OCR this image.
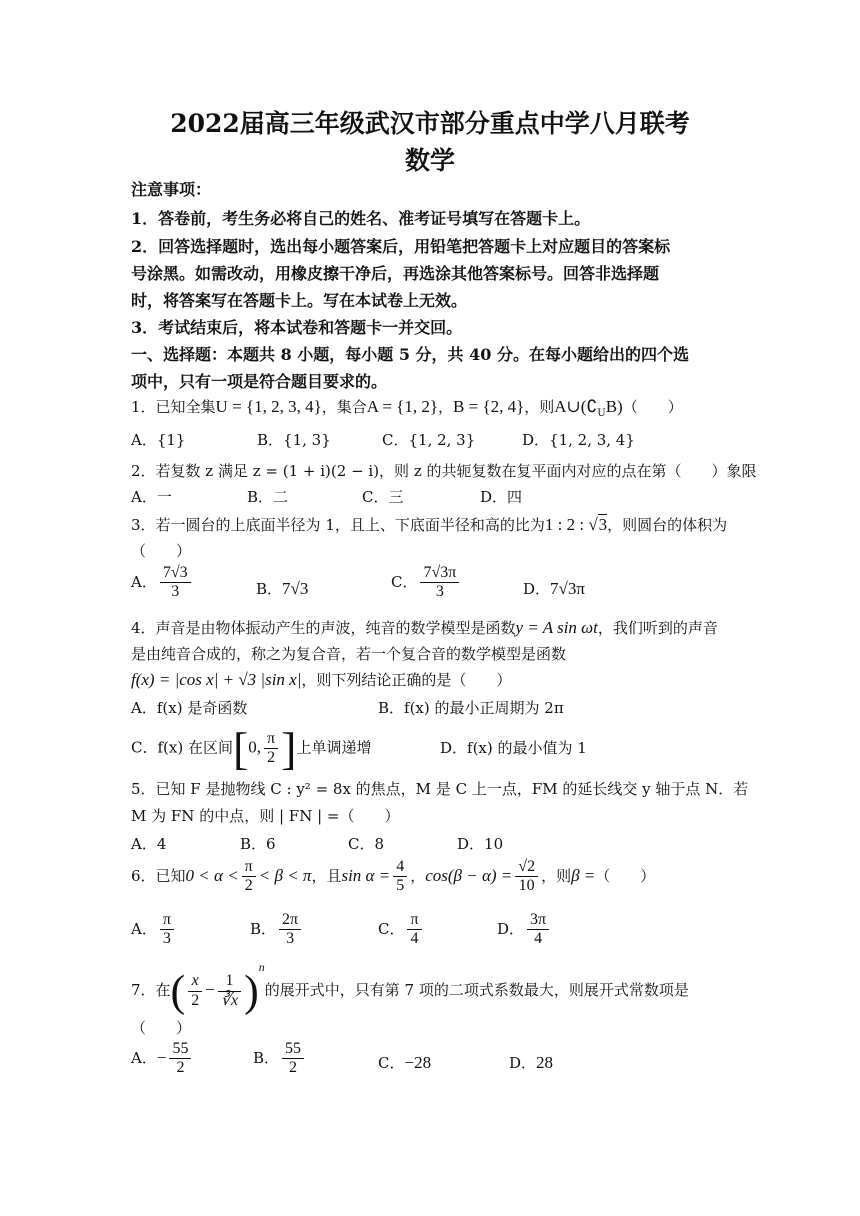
2022届高三年级武汉市部分重点中学八月联考
数学
注意事项：
1．答卷前，考生务必将自己的姓名、准考证号填写在答题卡上。
2．回答选择题时，选出每小题答案后，用铅笔把答题卡上对应题目的答案标
号涂黑。如需改动，用橡皮擦干净后，再选涂其他答案标号。回答非选择题
时，将答案写在答题卡上。写在本试卷上无效。
3．考试结束后，将本试卷和答题卡一并交回。
一、选择题：本题共 8 小题，每小题 5 分，共 40 分。在每小题给出的四个选
项中，只有一项是符合题目要求的。
1．已知全集U = {1, 2, 3, 4}，集合A = {1, 2}，B = {2, 4}，则$A\cup(∁_UB)$（　　）
A．{1}	B．{1, 3}	C．{1, 2, 3}	D．{1, 2, 3, 4}
2．若复数 z 满足 z = (1 + i)(2 − i)，则 z 的共轭复数在复平面内对应的点在第（　　）象限
A．一	B．二	C．三	D．四
3．若一圆台的上底面半径为 1，且上、下底面半径和高的比为1 : 2 : √3，则圆台的体积为
（　　）
A． $\frac{7√3}{3}$	B．7√3	C． $\frac{7√3\pi}{3}$	D．7√3π
4．声音是由物体振动产生的声波，纯音的数学模型是函数y = A sin ωt，我们听到的声音
是由纯音合成的，称之为复合音，若一个复合音的数学模型是函数
f(x) = |cos x| + √3 |sin x|，则下列结论正确的是（　　）
A．f(x) 是奇函数	B．f(x) 的最小正周期为 2π
C．f(x) 在区间[0, $\frac{\pi}{2}$ ]上单调递增	D．f(x) 的最小值为 1
5．已知 F 是抛物线 C : y² = 8x 的焦点，M 是 C 上一点，FM 的延长线交 y 轴于点 N．若
M 为 FN 的中点，则 | FN | =（　　）
A．4	B．6	C．8	D．10
6．已知$0 < \alpha < \frac{\pi}{2} < \beta < \pi$，且$\sin \alpha = \frac{4}{5}$ ，$\cos(\beta - \alpha) = \frac{√2}{10}$ ，则β =（　　）
A． $\frac{\pi}{3}$	B． $\frac{2\pi}{3}$	C． $\frac{\pi}{4}$	D． $\frac{3\pi}{4}$
7．在( $\frac{x}{2} - \frac{1}{∛x} )^n$的展开式中，只有第 7 项的二项式系数最大，则展开式常数项是
（　　）
A．− $\frac{55}{2}$	B． $\frac{55}{2}$	C．−28	D．28
